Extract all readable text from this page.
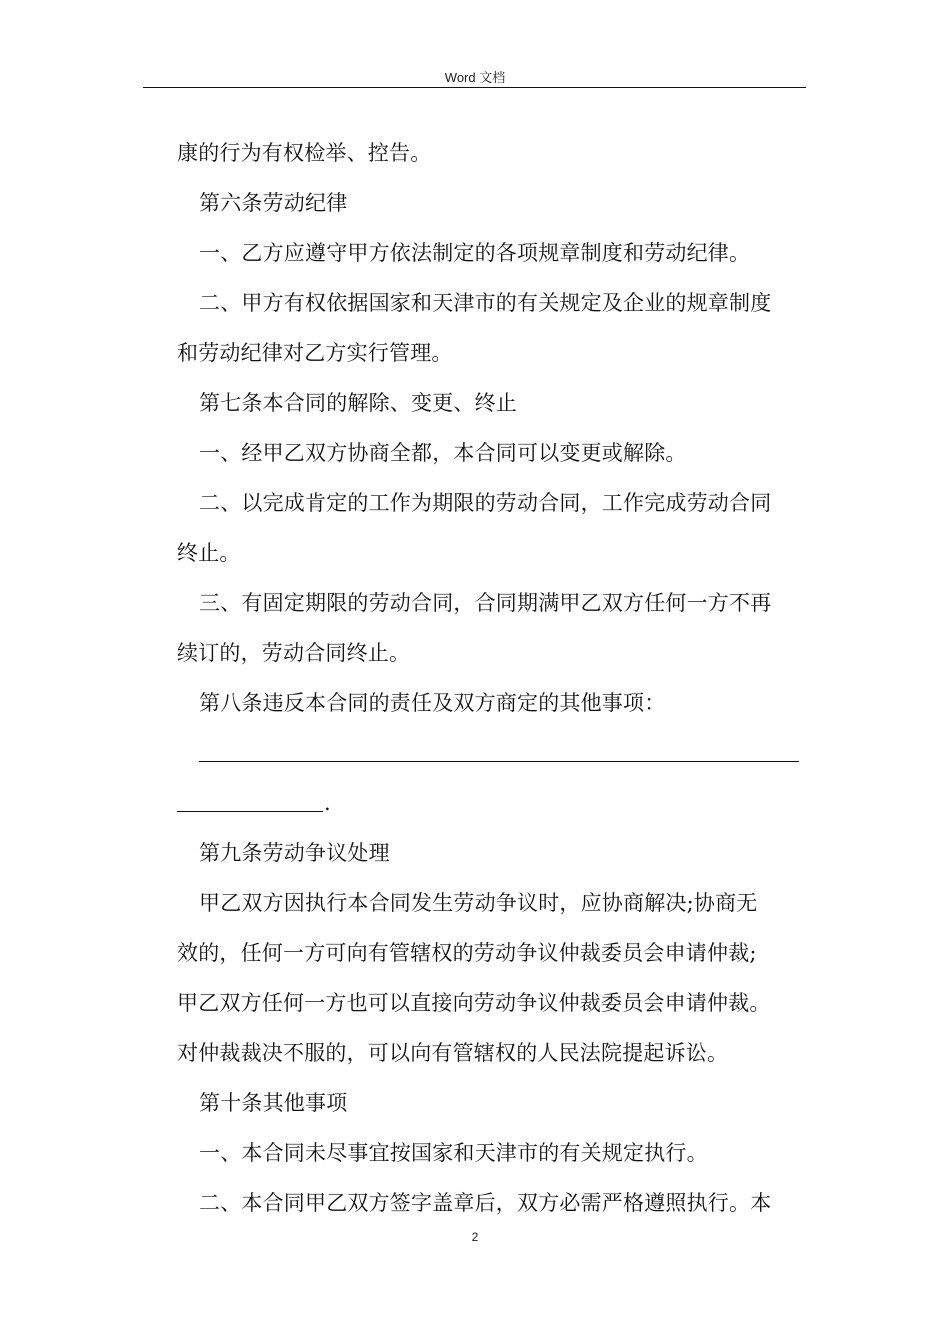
Word 文档
康的行为有权检举、控告。
第六条劳动纪律
一、乙方应遵守甲方依法制定的各项规章制度和劳动纪律。
二、甲方有权依据国家和天津市的有关规定及企业的规章制度
和劳动纪律对乙方实行管理。
第七条本合同的解除、变更、终止
一、经甲乙双方协商全都，本合同可以变更或解除。
二、以完成肯定的工作为期限的劳动合同，工作完成劳动合同
终止。
三、有固定期限的劳动合同，合同期满甲乙双方任何一方不再
续订的，劳动合同终止。
第八条违反本合同的责任及双方商定的其他事项：
.
第九条劳动争议处理
甲乙双方因执行本合同发生劳动争议时，应协商解决;协商无
效的，任何一方可向有管辖权的劳动争议仲裁委员会申请仲裁;
甲乙双方任何一方也可以直接向劳动争议仲裁委员会申请仲裁。
对仲裁裁决不服的，可以向有管辖权的人民法院提起诉讼。
第十条其他事项
一、本合同未尽事宜按国家和天津市的有关规定执行。
二、本合同甲乙双方签字盖章后，双方必需严格遵照执行。本
2
